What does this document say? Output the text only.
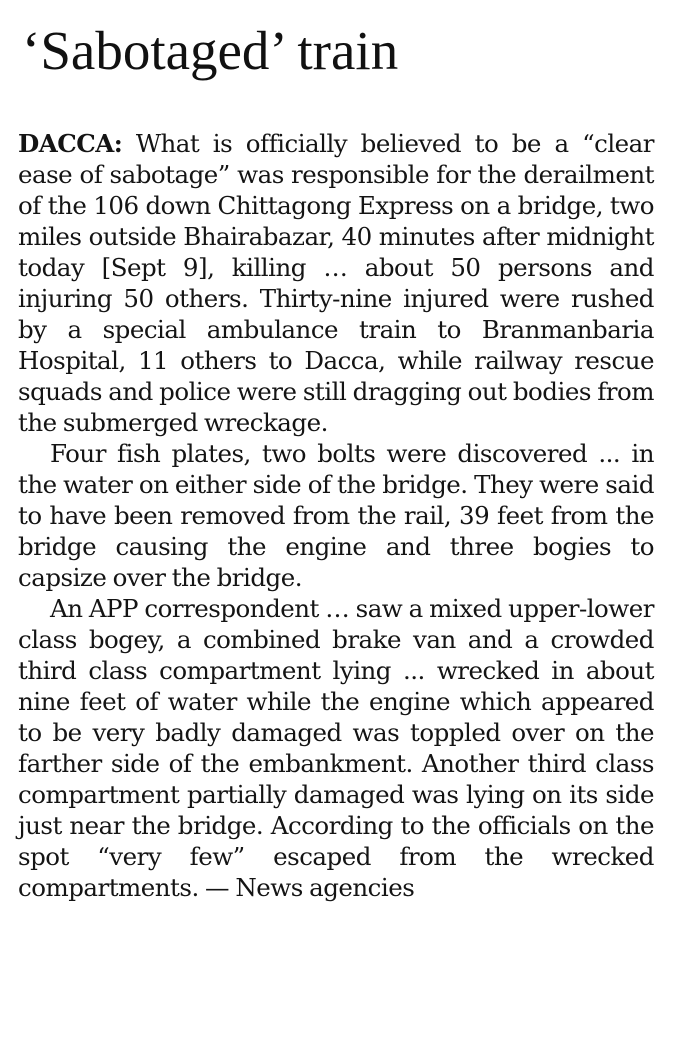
‘Sabotaged’ train

DACCA: What is officially believed to be a “clear ease of sabotage” was responsible for the derailment of the 106 down Chittagong Express on a bridge, two miles outside Bhairabazar, 40 minutes after midnight today [Sept 9], killing … about 50 persons and injuring 50 others. Thirty-nine injured were rushed by a special ambulance train to Branmanbaria Hospital, 11 others to Dacca, while railway rescue squads and police were still dragging out bodies from the submerged wreckage.

Four fish plates, two bolts were discovered ... in the water on either side of the bridge. They were said to have been removed from the rail, 39 feet from the bridge causing the engine and three bogies to capsize over the bridge.

An APP correspondent … saw a mixed upper-lower class bogey, a combined brake van and a crowded third class compartment lying ... wrecked in about nine feet of water while the engine which appeared to be very badly damaged was toppled over on the farther side of the embankment. Another third class compartment partially damaged was lying on its side just near the bridge. According to the officials on the spot “very few” escaped from the wrecked compartments. — News agencies
